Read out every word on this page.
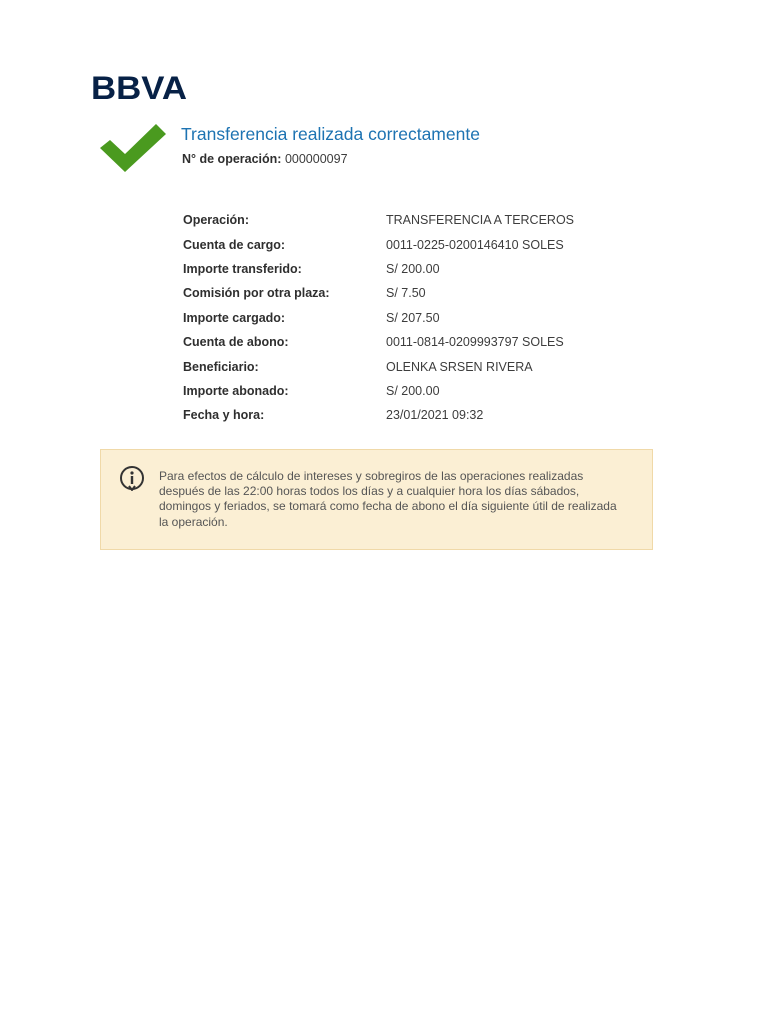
BBVA
Transferencia realizada correctamente
N° de operación: 000000097
Operación:	TRANSFERENCIA A TERCEROS
Cuenta de cargo:	0011-0225-0200146410 SOLES
Importe transferido:	S/ 200.00
Comisión por otra plaza:	S/ 7.50
Importe cargado:	S/ 207.50
Cuenta de abono:	0011-0814-0209993797 SOLES
Beneficiario:	OLENKA SRSEN RIVERA
Importe abonado:	S/ 200.00
Fecha y hora:	23/01/2021 09:32
Para efectos de cálculo de intereses y sobregiros de las operaciones realizadas después de las 22:00 horas todos los días y a cualquier hora los días sábados, domingos y feriados, se tomará como fecha de abono el día siguiente útil de realizada la operación.
